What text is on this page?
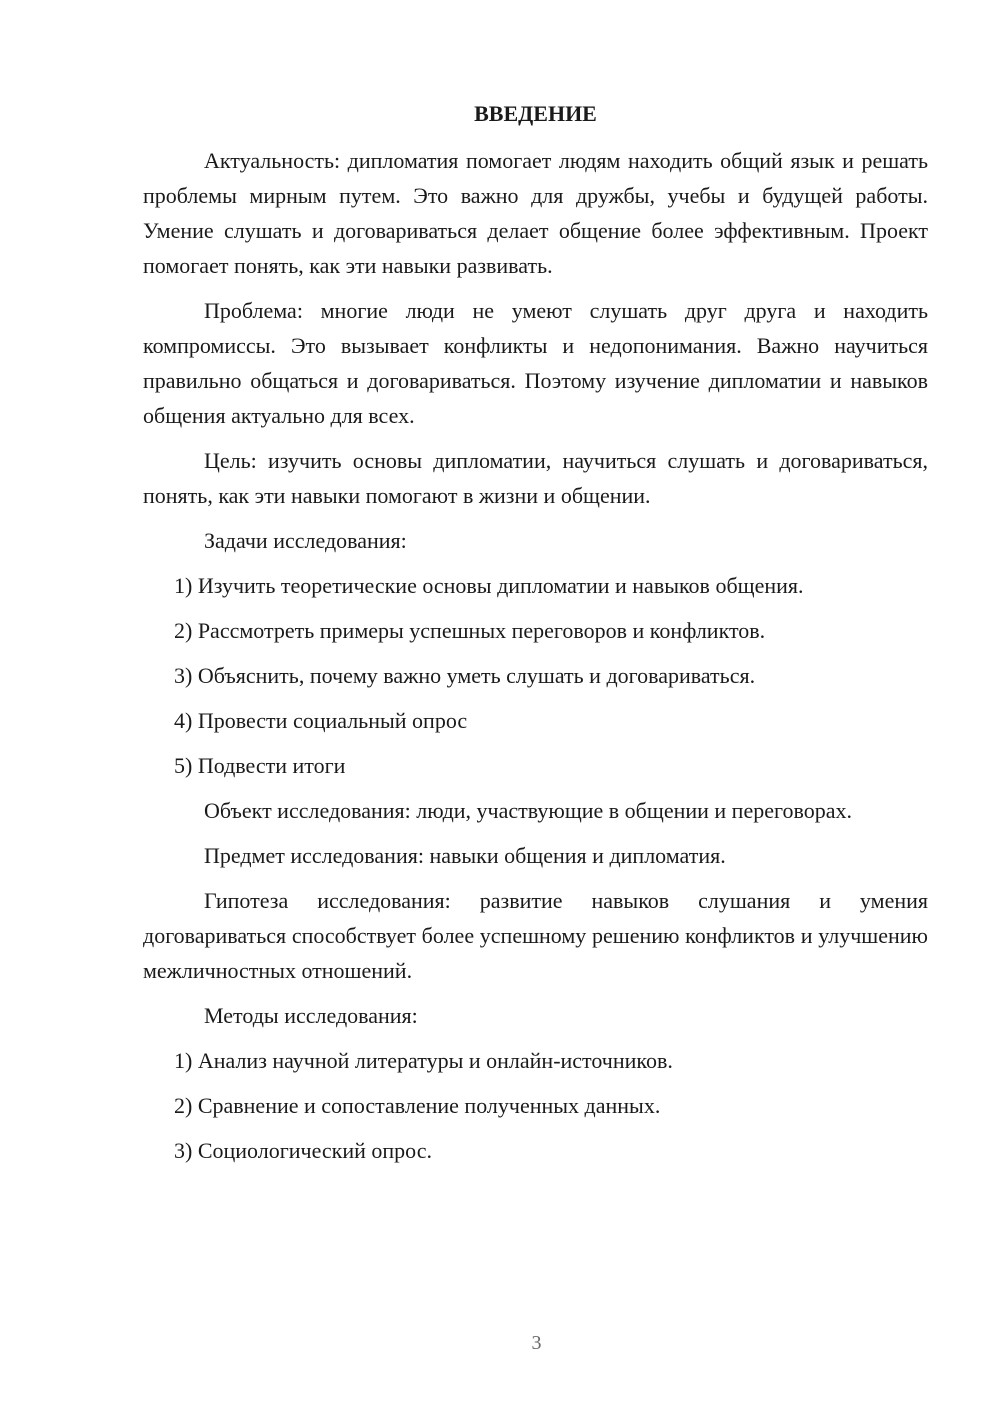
ВВЕДЕНИЕ

Актуальность: дипломатия помогает людям находить общий язык и решать проблемы мирным путем. Это важно для дружбы, учебы и будущей работы. Умение слушать и договариваться делает общение более эффективным. Проект помогает понять, как эти навыки развивать.

Проблема: многие люди не умеют слушать друг друга и находить компромиссы. Это вызывает конфликты и недопонимания. Важно научиться правильно общаться и договариваться. Поэтому изучение дипломатии и навыков общения актуально для всех.

Цель: изучить основы дипломатии, научиться слушать и договариваться, понять, как эти навыки помогают в жизни и общении.

Задачи исследования:

1) Изучить теоретические основы дипломатии и навыков общения.
2) Рассмотреть примеры успешных переговоров и конфликтов.
3) Объяснить, почему важно уметь слушать и договариваться.
4) Провести социальный опрос
5) Подвести итоги

Объект исследования: люди, участвующие в общении и переговорах.

Предмет исследования: навыки общения и дипломатия.

Гипотеза исследования: развитие навыков слушания и умения договариваться способствует более успешному решению конфликтов и улучшению межличностных отношений.

Методы исследования:

1) Анализ научной литературы и онлайн-источников.
2) Сравнение и сопоставление полученных данных.
3) Социологический опрос.
3
